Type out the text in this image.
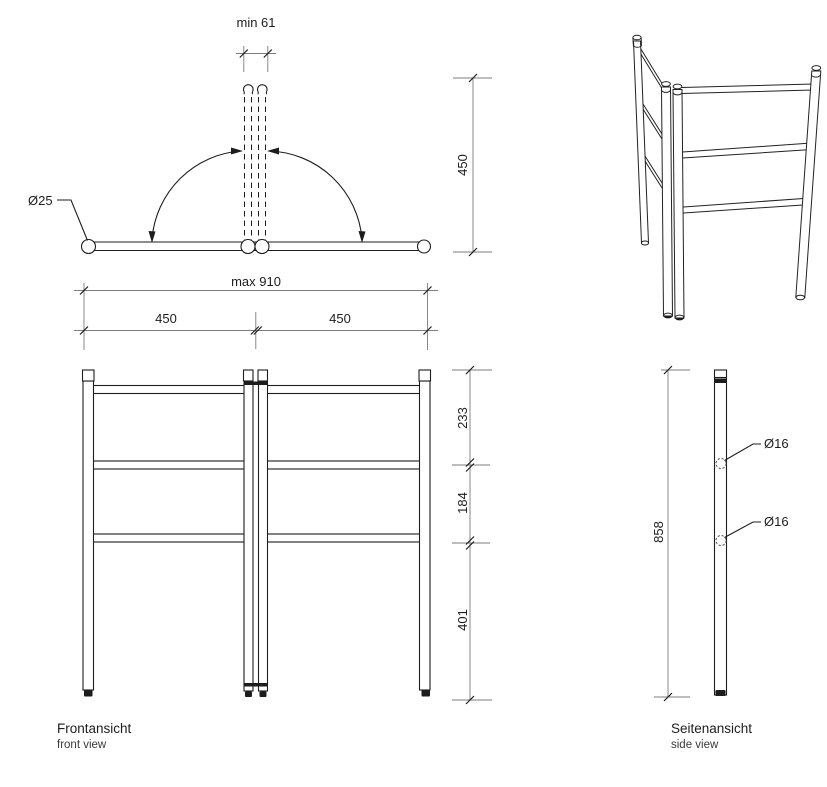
Ø25
min 61
max 910
450	450
450
233
184
401
Ø16
Ø16
858
Frontansicht
front view
Seitenansicht
side view
